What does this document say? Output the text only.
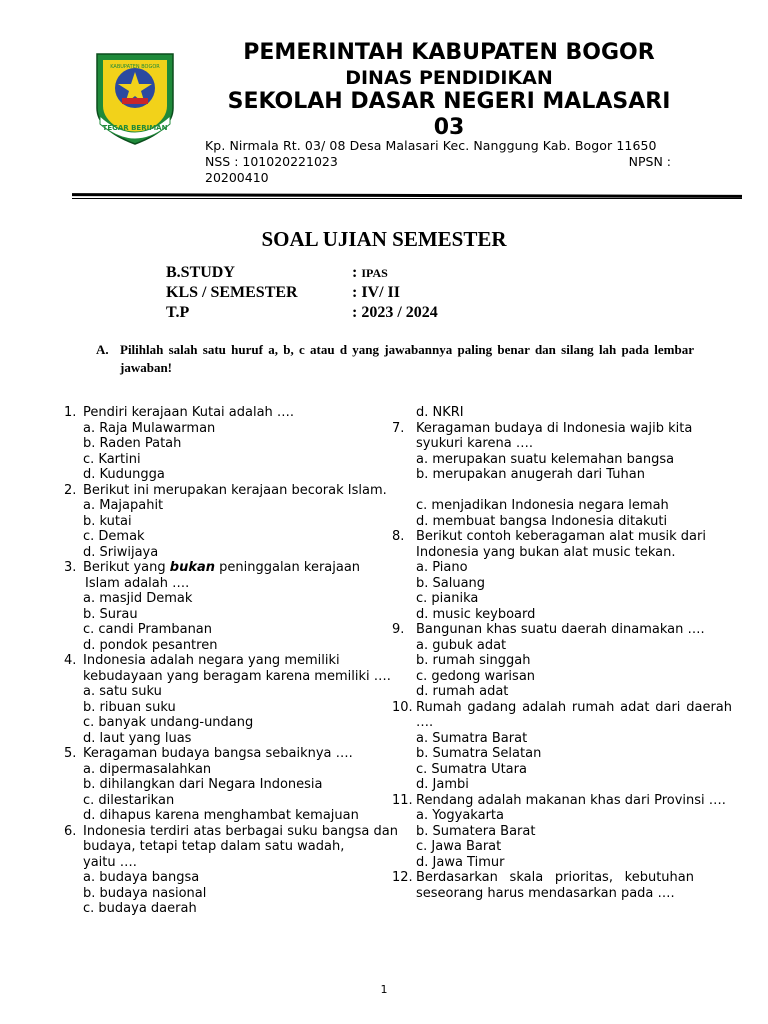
KABUPATEN BOGOR
TEGAR BERIMAN
PEMERINTAH KABUPATEN BOGOR
DINAS PENDIDIKAN
SEKOLAH DASAR NEGERI MALASARI
03
Kp. Nirmala Rt. 03/ 08 Desa Malasari Kec. Nanggung Kab. Bogor 11650
NSS : 101020221023	NPSN :
20200410
SOAL UJIAN SEMESTER
B.STUDY	: IPAS
KLS / SEMESTER	: IV/ II
T.P	: 2023 / 2024
A. Pilihlah salah satu huruf a, b, c atau d yang jawabannya paling benar dan silang lah pada lembar jawaban!
1. Pendiri kerajaan Kutai adalah ….
a. Raja Mulawarman
b. Raden Patah
c. Kartini
d. Kudungga
2. Berikut ini merupakan kerajaan becorak Islam.
a. Majapahit
b. kutai
c. Demak
d. Sriwijaya
3. Berikut yang bukan peninggalan kerajaan
Islam adalah ….
a. masjid Demak
b. Surau
c. candi Prambanan
d. pondok pesantren
4. Indonesia adalah negara yang memiliki kebudayaan yang beragam karena memiliki ….
a. satu suku
b. ribuan suku
c. banyak undang-undang
d. laut yang luas
5. Keragaman budaya bangsa sebaiknya ….
a. dipermasalahkan
b. dihilangkan dari Negara Indonesia
c. dilestarikan
d. dihapus karena menghambat kemajuan
6. Indonesia terdiri atas berbagai suku bangsa dan budaya, tetapi tetap dalam satu wadah,
yaitu ….
a. budaya bangsa
b. budaya nasional
c. budaya daerah
d. NKRI
7. Keragaman budaya di Indonesia wajib kita syukuri karena ….
a. merupakan suatu kelemahan bangsa
b. merupakan anugerah dari Tuhan
c. menjadikan Indonesia negara lemah
d. membuat bangsa Indonesia ditakuti
8. Berikut contoh keberagaman alat musik dari
Indonesia yang bukan alat music tekan.
a. Piano
b. Saluang
c. pianika
d. music keyboard
9. Bangunan khas suatu daerah dinamakan ….
a. gubuk adat
b. rumah singgah
c. gedong warisan
d. rumah adat
10. Rumah gadang adalah rumah adat dari daerah ….
a. Sumatra Barat
b. Sumatra Selatan
c. Sumatra Utara
d. Jambi
11. Rendang adalah makanan khas dari Provinsi ….
a. Yogyakarta
b. Sumatera Barat
c. Jawa Barat
d. Jawa Timur
12. Berdasarkan skala prioritas, kebutuhan seseorang harus mendasarkan pada ….
1
